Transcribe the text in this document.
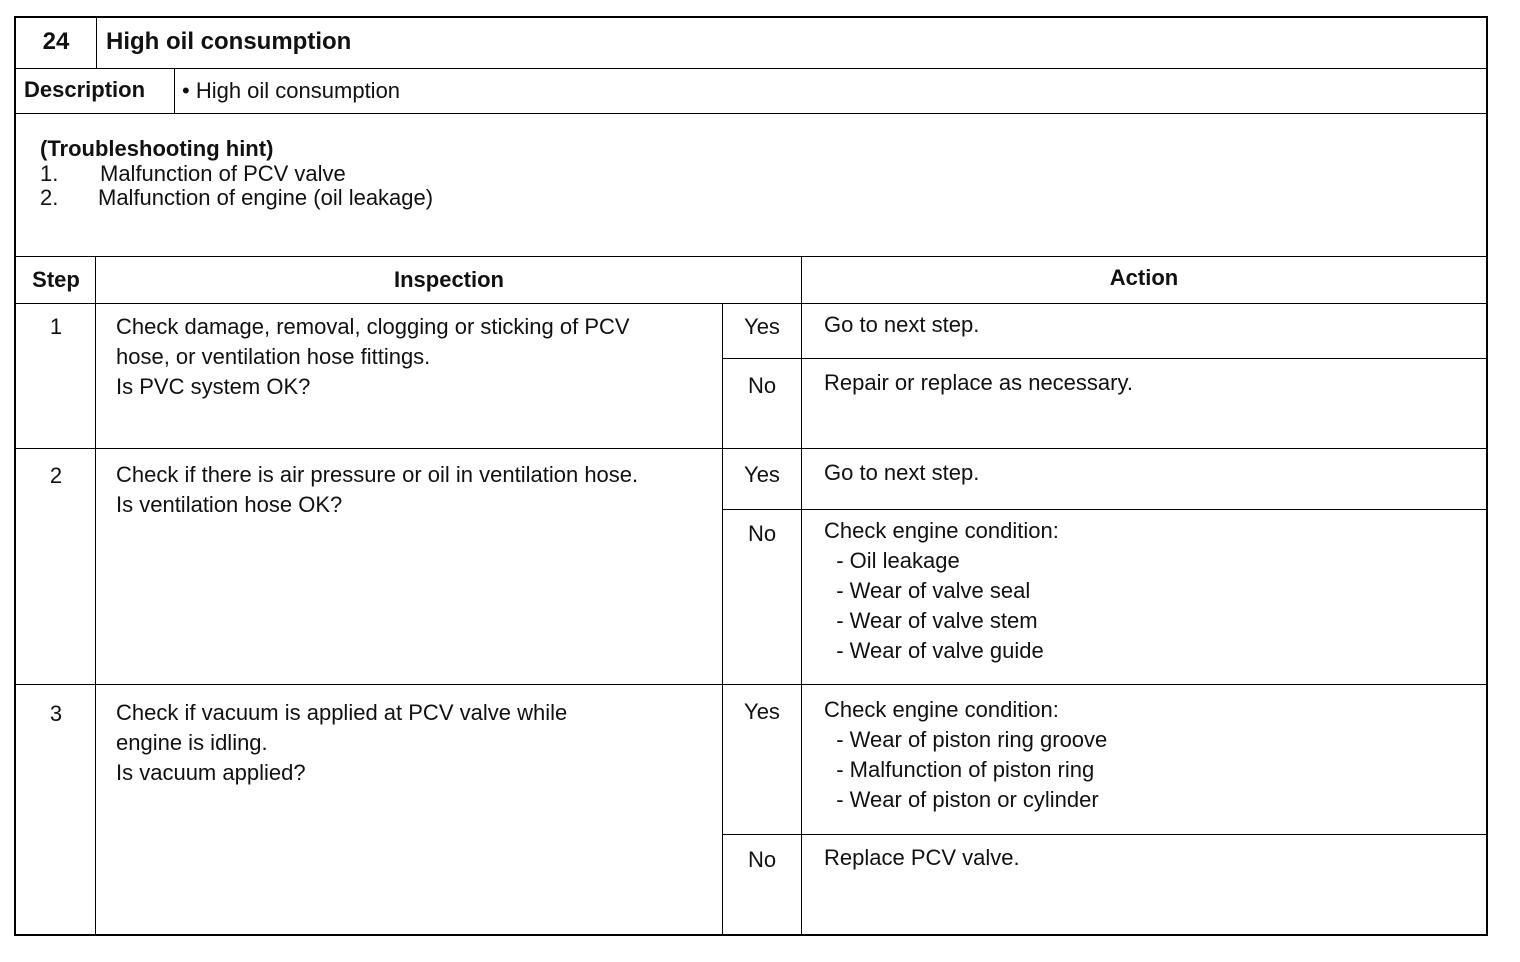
24	High oil consumption
Description • High oil consumption
(Troubleshooting hint)
1. Malfunction of PCV valve
2. Malfunction of engine (oil leakage)
Step	Inspection	Action
1	Check damage, removal, clogging or sticking of PCV
hose, or ventilation hose fittings.
Is PVC system OK?
Yes	Go to next step.
No	Repair or replace as necessary.
2	Check if there is air pressure or oil in ventilation hose.
Is ventilation hose OK?
Yes	Go to next step.
No	Check engine condition:
- Oil leakage
- Wear of valve seal
- Wear of valve stem
- Wear of valve guide
3	Check if vacuum is applied at PCV valve while
engine is idling.
Is vacuum applied?
Yes	Check engine condition:
- Wear of piston ring groove
- Malfunction of piston ring
- Wear of piston or cylinder
No	Replace PCV valve.
